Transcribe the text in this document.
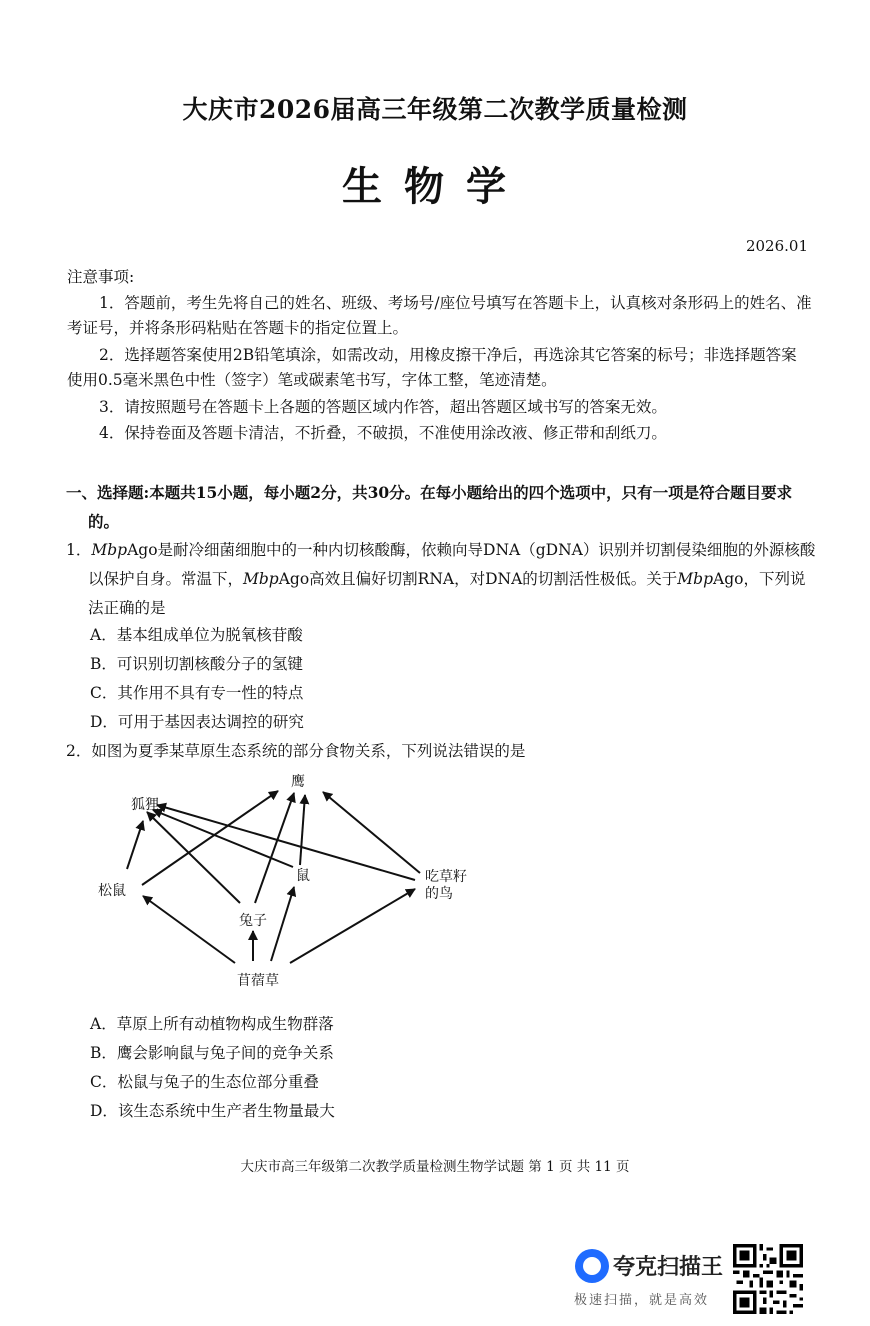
大庆市2026届高三年级第二次教学质量检测
生物学
2026.01
注意事项:
1．答题前，考生先将自己的姓名、班级、考场号/座位号填写在答题卡上，认真核对条形码上的姓名、准考证号，并将条形码粘贴在答题卡的指定位置上。
2．选择题答案使用2B铅笔填涂，如需改动，用橡皮擦干净后，再选涂其它答案的标号；非选择题答案使用0.5毫米黑色中性（签字）笔或碳素笔书写，字体工整，笔迹清楚。
3．请按照题号在答题卡上各题的答题区域内作答，超出答题区域书写的答案无效。
4．保持卷面及答题卡清洁，不折叠，不破损，不准使用涂改液、修正带和刮纸刀。
一、选择题:本题共15小题，每小题2分，共30分。在每小题给出的四个选项中，只有一项是符合题目要求的。
1．MbpAgo是耐冷细菌细胞中的一种内切核酸酶，依赖向导DNA（gDNA）识别并切割侵染细胞的外源核酸以保护自身。常温下，MbpAgo高效且偏好切割RNA，对DNA的切割活性极低。关于MbpAgo，下列说法正确的是
A．基本组成单位为脱氧核苷酸
B．可识别切割核酸分子的氢键
C．其作用不具有专一性的特点
D．可用于基因表达调控的研究
2．如图为夏季某草原生态系统的部分食物关系，下列说法错误的是
鹰
狐狸
松鼠
鼠	吃草籽
的鸟
兔子
苜蓿草
A．草原上所有动植物构成生物群落
B．鹰会影响鼠与兔子间的竞争关系
C．松鼠与兔子的生态位部分重叠
D．该生态系统中生产者生物量最大
大庆市高三年级第二次教学质量检测生物学试题 第 1 页 共 11 页
夸克扫描王
极速扫描，就是高效
